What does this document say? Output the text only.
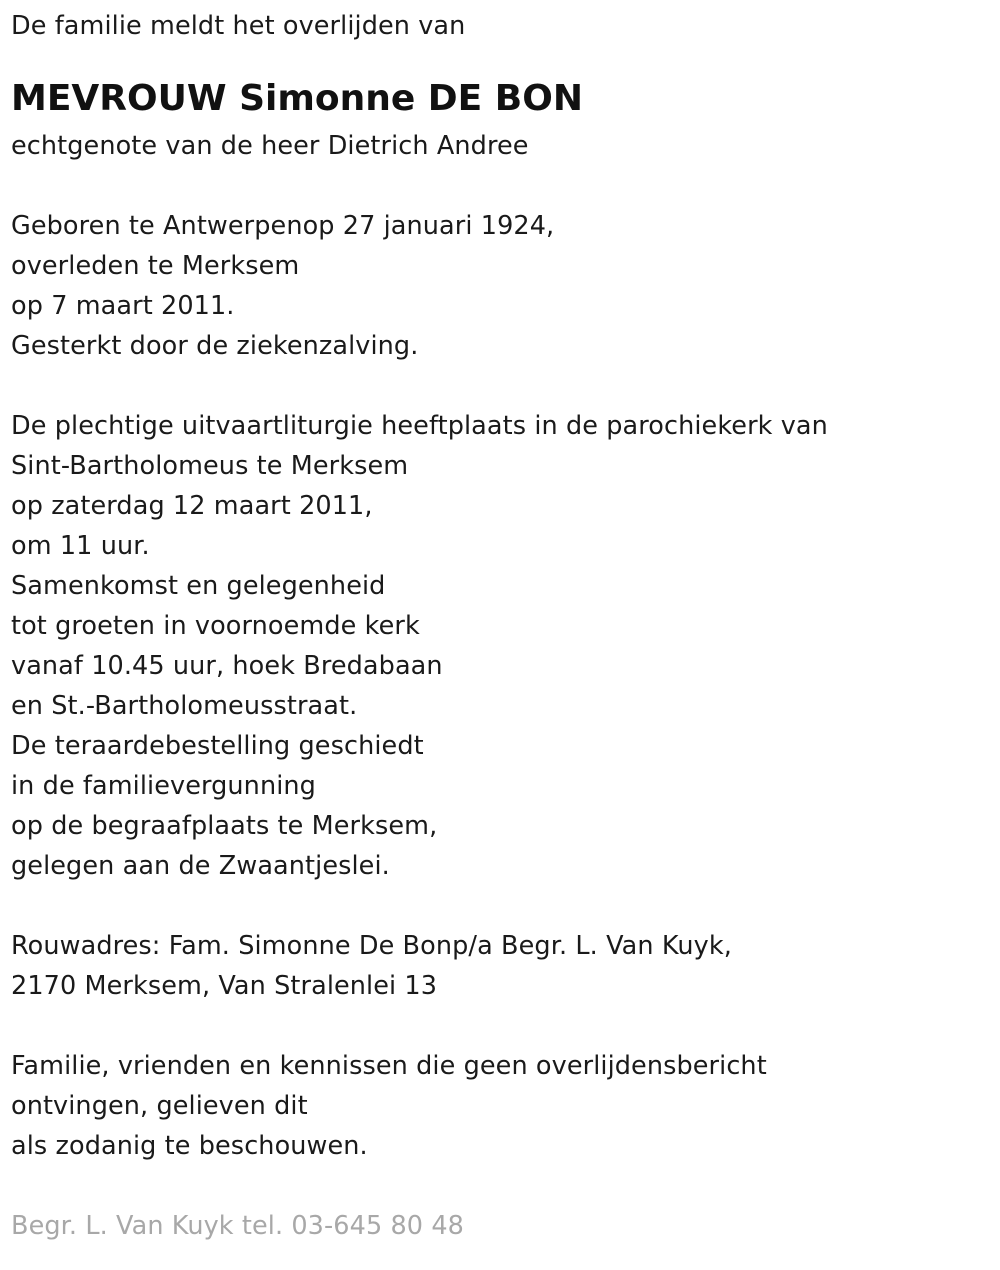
De familie meldt het overlijden van
MEVROUW Simonne DE BON
echtgenote van de heer Dietrich Andree
Geboren te Antwerpenop 27 januari 1924,
overleden te Merksem
op 7 maart 2011.
Gesterkt door de ziekenzalving.
De plechtige uitvaartliturgie heeftplaats in de parochiekerk van
Sint-Bartholomeus te Merksem
op zaterdag 12 maart 2011,
om 11 uur.
Samenkomst en gelegenheid
tot groeten in voornoemde kerk
vanaf 10.45 uur, hoek Bredabaan
en St.-Bartholomeusstraat.
De teraardebestelling geschiedt
in de familievergunning
op de begraafplaats te Merksem,
gelegen aan de Zwaantjeslei.
Rouwadres: Fam. Simonne De Bonp/a Begr. L. Van Kuyk,
2170 Merksem, Van Stralenlei 13
Familie, vrienden en kennissen die geen overlijdensbericht
ontvingen, gelieven dit
als zodanig te beschouwen.
Begr. L. Van Kuyk tel. 03-645 80 48
